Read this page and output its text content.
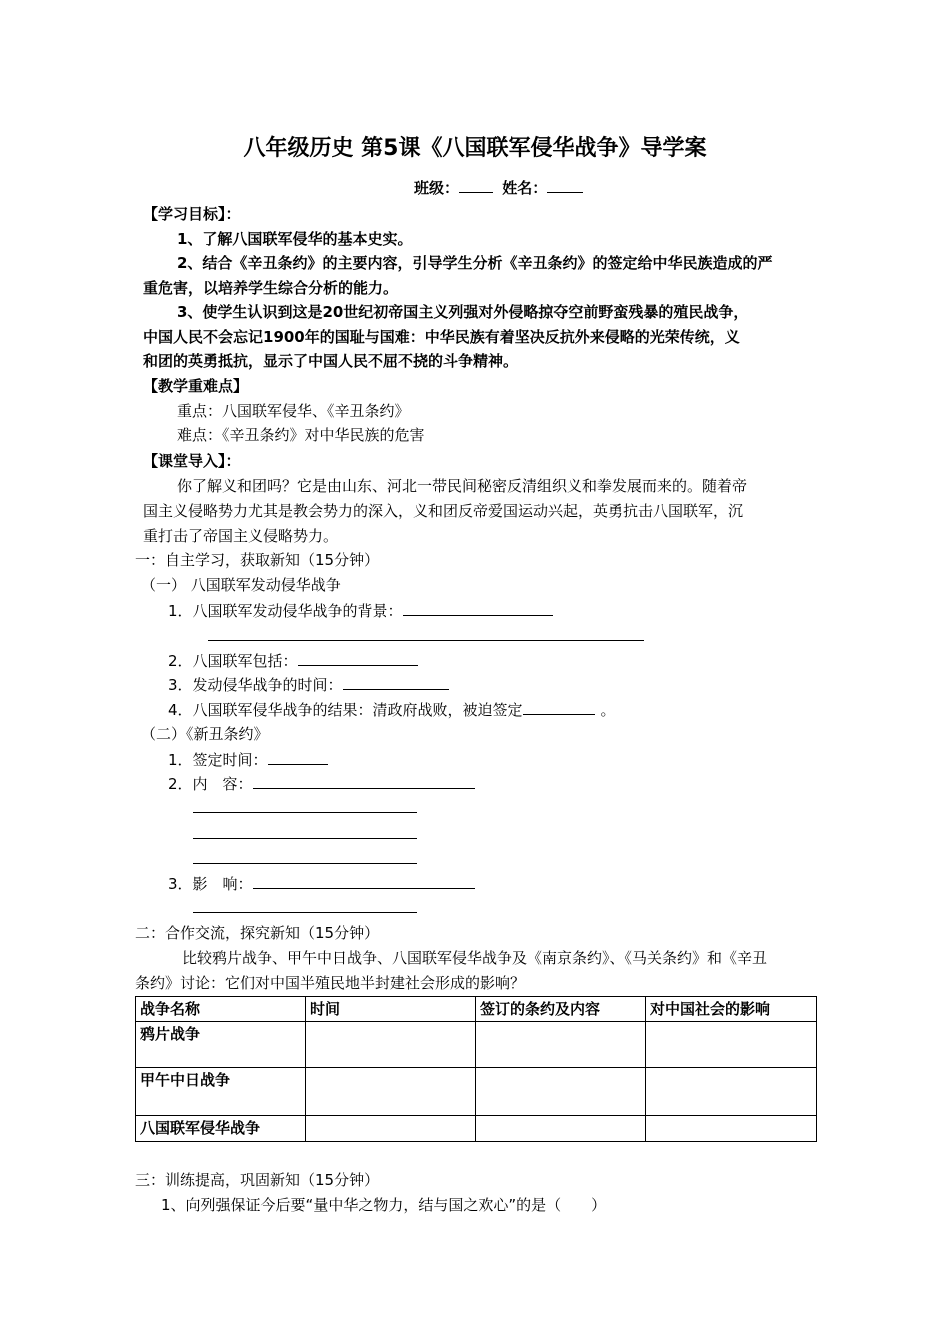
八年级历史 第5课《八国联军侵华战争》导学案
班级：	姓名：
【学习目标】：
1、了解八国联军侵华的基本史实。
2、结合《辛丑条约》的主要内容，引导学生分析《辛丑条约》的签定给中华民族造成的严
重危害，以培养学生综合分析的能力。
3、使学生认识到这是20世纪初帝国主义列强对外侵略掠夺空前野蛮残暴的殖民战争，
中国人民不会忘记1900年的国耻与国难：中华民族有着坚决反抗外来侵略的光荣传统，义
和团的英勇抵抗，显示了中国人民不屈不挠的斗争精神。
【教学重难点】
重点：八国联军侵华、《辛丑条约》
难点：《辛丑条约》对中华民族的危害
【课堂导入】：
你了解义和团吗？它是由山东、河北一带民间秘密反清组织义和拳发展而来的。随着帝
国主义侵略势力尤其是教会势力的深入，义和团反帝爱国运动兴起，英勇抗击八国联军，沉
重打击了帝国主义侵略势力。
一：自主学习，获取新知（15分钟）
（一） 八国联军发动侵华战争
1．八国联军发动侵华战争的背景：
2．八国联军包括：
3．发动侵华战争的时间：
4．八国联军侵华战争的结果：清政府战败，被迫签定	。
（二）《新丑条约》
1．签定时间：
2．内　容：
3．影　响：
二：合作交流，探究新知（15分钟）
比较鸦片战争、甲午中日战争、八国联军侵华战争及《南京条约》、《马关条约》和《辛丑
条约》讨论：它们对中国半殖民地半封建社会形成的影响？
战争名称	时间	签订的条约及内容	对中国社会的影响
鸦片战争			
甲午中日战争			
八国联军侵华战争			
三：训练提高，巩固新知（15分钟）
1、向列强保证今后要“量中华之物力，结与国之欢心”的是（　　）
